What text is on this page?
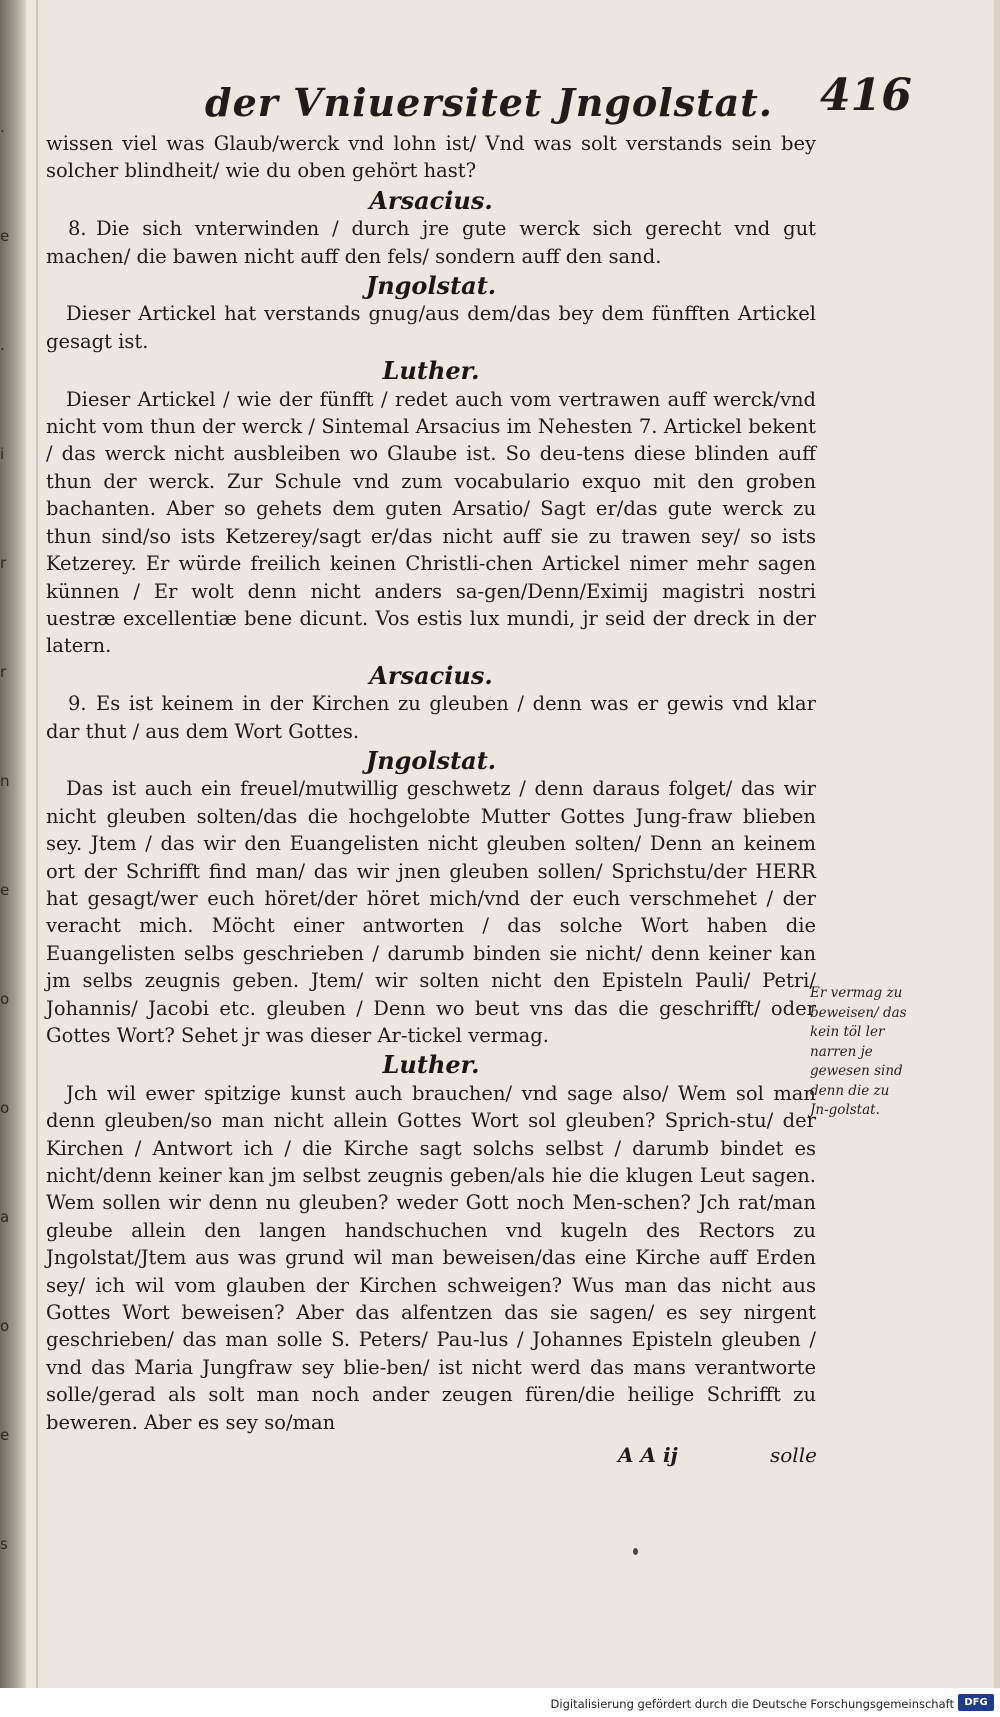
.
e
.
i
r
r
n
e
o
o
a
o
e
s
der Vniuersitet Jngolstat. 416

wissen viel was Glaub/werck vnd lohn ist/ Vnd was solt verstands sein bey solcher blindheit/ wie du oben gehört hast?

Arsacius.

8. Die sich vnterwinden / durch jre gute werck sich gerecht vnd gut machen/ die bawen nicht auff den fels/ sondern auff den sand.

Jngolstat.

Dieser Artickel hat verstands gnug/aus dem/das bey dem fünfften Artickel gesagt ist.

Luther.

Dieser Artickel / wie der fünfft / redet auch vom vertrawen auff werck/vnd nicht vom thun der werck / Sintemal Arsacius im Nehesten 7. Artickel bekent / das werck nicht ausbleiben wo Glaube ist. So deu-tens diese blinden auff thun der werck. Zur Schule vnd zum vocabulario exquo mit den groben bachanten. Aber so gehets dem guten Arsatio/ Sagt er/das gute werck zu thun sind/so ists Ketzerey/sagt er/das nicht auff sie zu trawen sey/ so ists Ketzerey. Er würde freilich keinen Christli-chen Artickel nimer mehr sagen künnen / Er wolt denn nicht anders sa-gen/Denn/Eximij magistri nostri uestræ excellentiæ bene dicunt. Vos estis lux mundi, jr seid der dreck in der latern.

Arsacius.

9. Es ist keinem in der Kirchen zu gleuben / denn was er gewis vnd klar dar thut / aus dem Wort Gottes.

Jngolstat.

Das ist auch ein freuel/mutwillig geschwetz / denn daraus folget/ das wir nicht gleuben solten/das die hochgelobte Mutter Gottes Jung-fraw blieben sey. Jtem / das wir den Euangelisten nicht gleuben solten/ Denn an keinem ort der Schrifft find man/ das wir jnen gleuben sollen/ Sprichstu/der HERR hat gesagt/wer euch höret/der höret mich/vnd der euch verschmehet / der veracht mich. Möcht einer antworten / das solche Wort haben die Euangelisten selbs geschrieben / darumb binden sie nicht/ denn keiner kan jm selbs zeugnis geben. Jtem/ wir solten nicht den Episteln Pauli/ Petri/ Johannis/ Jacobi etc. gleuben / Denn wo beut vns das die geschrifft/ oder Gottes Wort? Sehet jr was dieser Ar-tickel vermag.

Luther.

Jch wil ewer spitzige kunst auch brauchen/ vnd sage also/ Wem sol man denn gleuben/so man nicht allein Gottes Wort sol gleuben? Sprich-stu/ der Kirchen / Antwort ich / die Kirche sagt solchs selbst / darumb bindet es nicht/denn keiner kan jm selbst zeugnis geben/als hie die klugen Leut sagen. Wem sollen wir denn nu gleuben? weder Gott noch Men-schen? Jch rat/man gleube allein den langen handschuchen vnd kugeln des Rectors zu Jngolstat/Jtem aus was grund wil man beweisen/das eine Kirche auff Erden sey/ ich wil vom glauben der Kirchen schweigen? Wus man das nicht aus Gottes Wort beweisen? Aber das alfentzen das sie sagen/ es sey nirgent geschrieben/ das man solle S. Peters/ Pau-lus / Johannes Episteln gleuben / vnd das Maria Jungfraw sey blie-ben/ ist nicht werd das mans verantworte solle/gerad als solt man noch ander zeugen füren/die heilige Schrifft zu beweren. Aber es sey so/man

Er vermag zu beweisen/ das kein töl ler narren je gewesen sind denn die zu Jn-golstat.
A A ij	solle
Digitalisierung gefördert durch die Deutsche Forschungsgemeinschaft	DFG
